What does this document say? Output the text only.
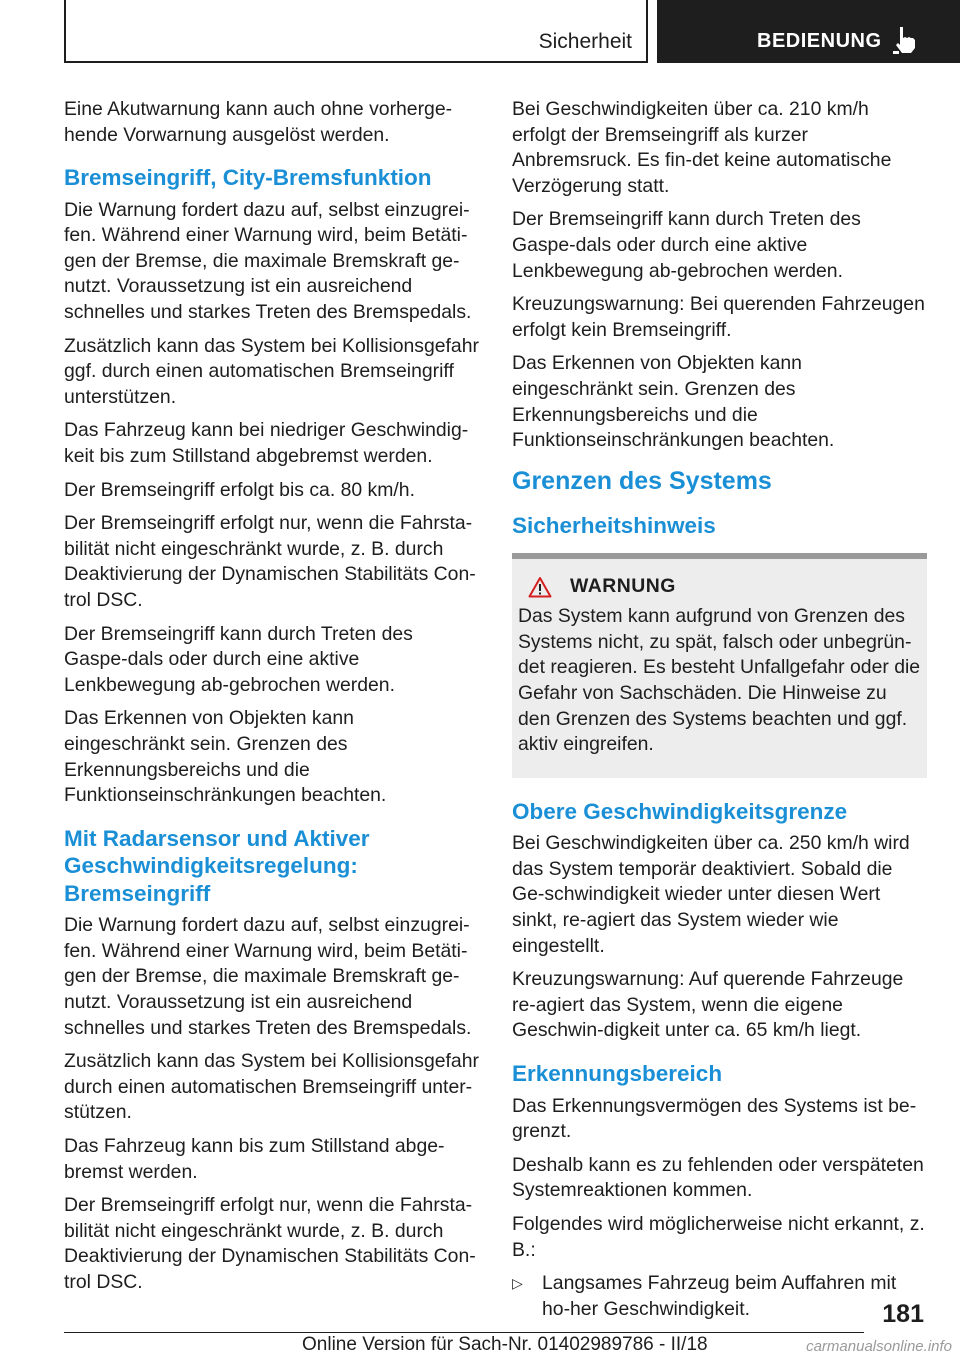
Sicherheit	BEDIENUNG

Eine Akutwarnung kann auch ohne vorherge-hende Vorwarnung ausgelöst werden.

Bremseingriff, City-Bremsfunktion

Die Warnung fordert dazu auf, selbst einzugrei-fen. Während einer Warnung wird, beim Betäti-gen der Bremse, die maximale Bremskraft ge-nutzt. Voraussetzung ist ein ausreichend schnelles und starkes Treten des Bremspedals.

Zusätzlich kann das System bei Kollisionsgefahr ggf. durch einen automatischen Bremseingriff unterstützen.

Das Fahrzeug kann bei niedriger Geschwindig-keit bis zum Stillstand abgebremst werden.

Der Bremseingriff erfolgt bis ca. 80 km/h.

Der Bremseingriff erfolgt nur, wenn die Fahrsta-bilität nicht eingeschränkt wurde, z. B. durch Deaktivierung der Dynamischen Stabilitäts Con-trol DSC.

Der Bremseingriff kann durch Treten des Gaspe-dals oder durch eine aktive Lenkbewegung ab-gebrochen werden.

Das Erkennen von Objekten kann eingeschränkt sein. Grenzen des Erkennungsbereichs und die Funktionseinschränkungen beachten.

Mit Radarsensor und Aktiver Geschwindigkeitsregelung: Bremseingriff

Die Warnung fordert dazu auf, selbst einzugrei-fen. Während einer Warnung wird, beim Betäti-gen der Bremse, die maximale Bremskraft ge-nutzt. Voraussetzung ist ein ausreichend schnelles und starkes Treten des Bremspedals.

Zusätzlich kann das System bei Kollisionsgefahr durch einen automatischen Bremseingriff unter-stützen.

Das Fahrzeug kann bis zum Stillstand abge-bremst werden.

Der Bremseingriff erfolgt nur, wenn die Fahrsta-bilität nicht eingeschränkt wurde, z. B. durch Deaktivierung der Dynamischen Stabilitäts Con-trol DSC.

Bei Geschwindigkeiten über ca. 210 km/h erfolgt der Bremseingriff als kurzer Anbremsruck. Es fin-det keine automatische Verzögerung statt.

Der Bremseingriff kann durch Treten des Gaspe-dals oder durch eine aktive Lenkbewegung ab-gebrochen werden.

Kreuzungswarnung: Bei querenden Fahrzeugen erfolgt kein Bremseingriff.

Das Erkennen von Objekten kann eingeschränkt sein. Grenzen des Erkennungsbereichs und die Funktionseinschränkungen beachten.

Grenzen des Systems
Sicherheitshinweis
WARNUNG

Das System kann aufgrund von Grenzen des Systems nicht, zu spät, falsch oder unbegrün-det reagieren. Es besteht Unfallgefahr oder die Gefahr von Sachschäden. Die Hinweise zu den Grenzen des Systems beachten und ggf. aktiv eingreifen.

Obere Geschwindigkeitsgrenze

Bei Geschwindigkeiten über ca. 250 km/h wird das System temporär deaktiviert. Sobald die Ge-schwindigkeit wieder unter diesen Wert sinkt, re-agiert das System wieder wie eingestellt.

Kreuzungswarnung: Auf querende Fahrzeuge re-agiert das System, wenn die eigene Geschwin-digkeit unter ca. 65 km/h liegt.

Erkennungsbereich

Das Erkennungsvermögen des Systems ist be-grenzt.

Deshalb kann es zu fehlenden oder verspäteten Systemreaktionen kommen.

Folgendes wird möglicherweise nicht erkannt, z. B.:

▷ Langsames Fahrzeug beim Auffahren mit ho-her Geschwindigkeit.	181
Online Version für Sach-Nr. 01402989786 - II/18	carmanualsonline.info
